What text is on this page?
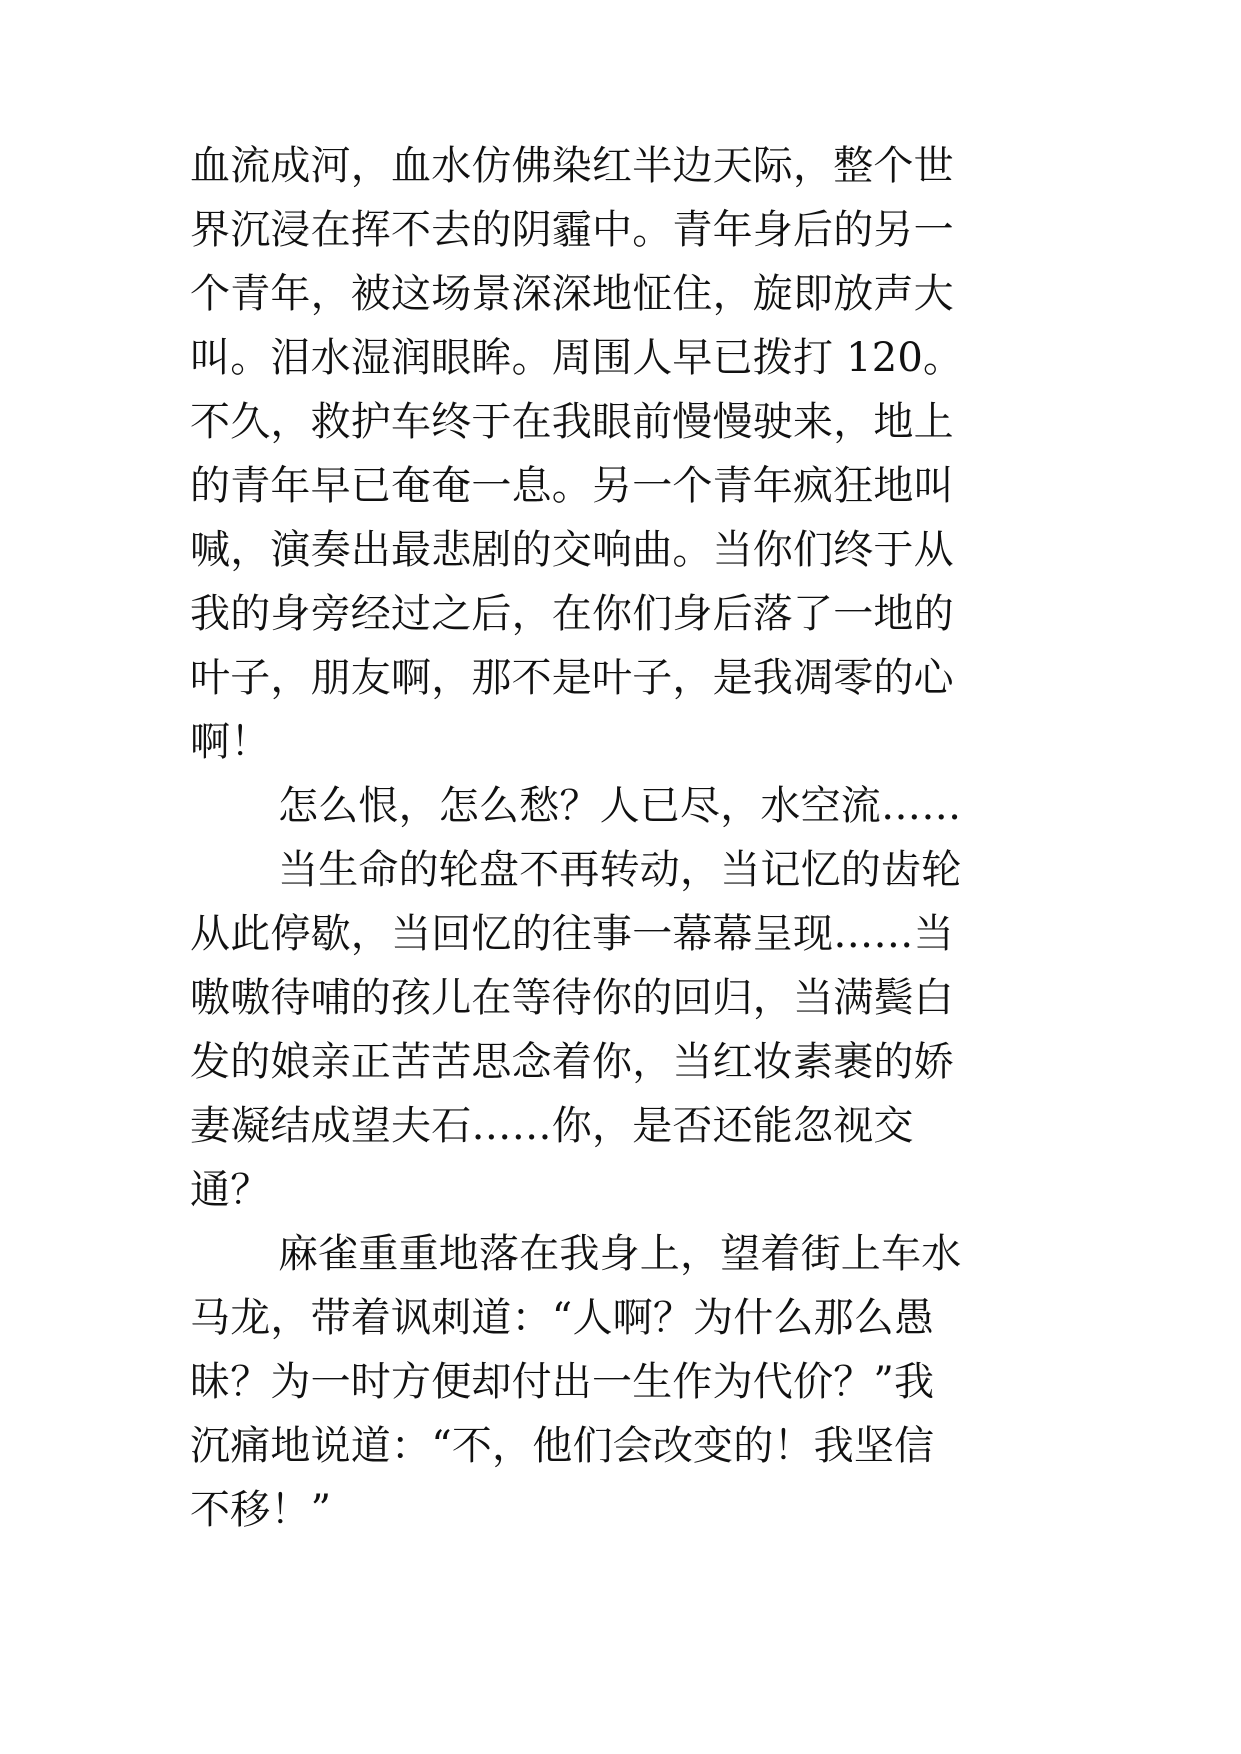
血流成河，血水仿佛染红半边天际，整个世
界沉浸在挥不去的阴霾中。青年身后的另一
个青年，被这场景深深地怔住，旋即放声大
叫。泪水湿润眼眸。周围人早已拨打 120。
不久，救护车终于在我眼前慢慢驶来，地上
的青年早已奄奄一息。另一个青年疯狂地叫
喊，演奏出最悲剧的交响曲。当你们终于从
我的身旁经过之后，在你们身后落了一地的
叶子，朋友啊，那不是叶子，是我凋零的心
啊！
怎么恨，怎么愁？人已尽，水空流……
当生命的轮盘不再转动，当记忆的齿轮
从此停歇，当回忆的往事一幕幕呈现……当
嗷嗷待哺的孩儿在等待你的回归，当满鬓白
发的娘亲正苦苦思念着你，当红妆素裹的娇
妻凝结成望夫石……你，是否还能忽视交
通？
麻雀重重地落在我身上，望着街上车水
马龙，带着讽刺道：“人啊？为什么那么愚
昧？为一时方便却付出一生作为代价？”我
沉痛地说道：“不，他们会改变的！我坚信
不移！”
